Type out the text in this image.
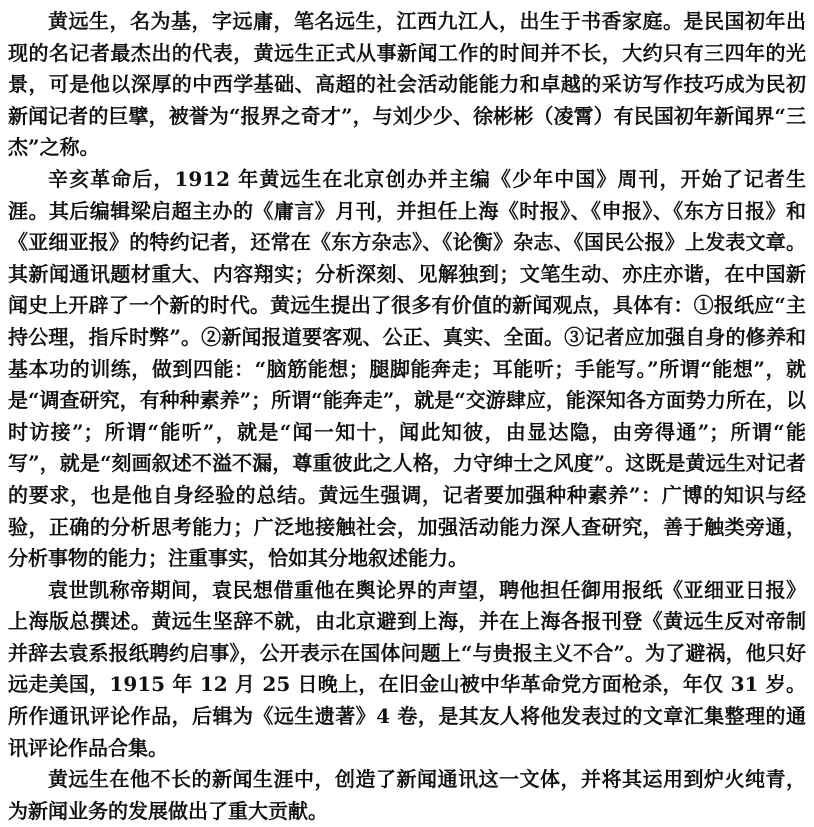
黄远生，名为基，字远庸，笔名远生，江西九江人，出生于书香家庭。是民国初年出现的名记者最杰出的代表，黄远生正式从事新闻工作的时间并不长，大约只有三四年的光景，可是他以深厚的中西学基础、高超的社会活动能能力和卓越的采访写作技巧成为民初新闻记者的巨擘，被誉为“报界之奇才”，与刘少少、徐彬彬（凌霄）有民国初年新闻界“三杰”之称。

辛亥革命后，1912 年黄远生在北京创办并主编《少年中国》周刊，开始了记者生涯。其后编辑梁启超主办的《庸言》月刊，并担任上海《时报》、《申报》、《东方日报》和《亚细亚报》的特约记者，还常在《东方杂志》、《论衡》杂志、《国民公报》上发表文章。其新闻通讯题材重大、内容翔实；分析深刻、见解独到；文笔生动、亦庄亦谐，在中国新闻史上开辟了一个新的时代。黄远生提出了很多有价值的新闻观点，具体有：①报纸应“主持公理，指斥时弊”。②新闻报道要客观、公正、真实、全面。③记者应加强自身的修养和基本功的训练，做到四能：“脑筋能想；腿脚能奔走；耳能听；手能写。”所谓“能想”，就是“调查研究，有种种素养”；所谓“能奔走”，就是“交游肆应，能深知各方面势力所在，以时访接”；所谓“能听”，就是“闻一知十，闻此知彼，由显达隐，由旁得通”；所谓“能写”，就是“刻画叙述不溢不漏，尊重彼此之人格，力守绅士之风度”。这既是黄远生对记者的要求，也是他自身经验的总结。黄远生强调，记者要加强种种素养”：广博的知识与经验，正确的分析思考能力；广泛地接触社会，加强活动能力深人查研究，善于触类旁通，分析事物的能力；注重事实，恰如其分地叙述能力。

袁世凯称帝期间，袁民想借重他在舆论界的声望，聘他担任御用报纸《亚细亚日报》上海版总撰述。黄远生坚辞不就，由北京避到上海，并在上海各报刊登《黄远生反对帝制并辞去袁系报纸聘约启事》，公开表示在国体问题上“与贵报主义不合”。为了避祸，他只好远走美国，1915 年 12 月 25 日晚上，在旧金山被中华革命党方面枪杀，年仅 31 岁。所作通讯评论作品，后辑为《远生遗著》4 卷，是其友人将他发表过的文章汇集整理的通讯评论作品合集。

黄远生在他不长的新闻生涯中，创造了新闻通讯这一文体，并将其运用到炉火纯青，为新闻业务的发展做出了重大贡献。
